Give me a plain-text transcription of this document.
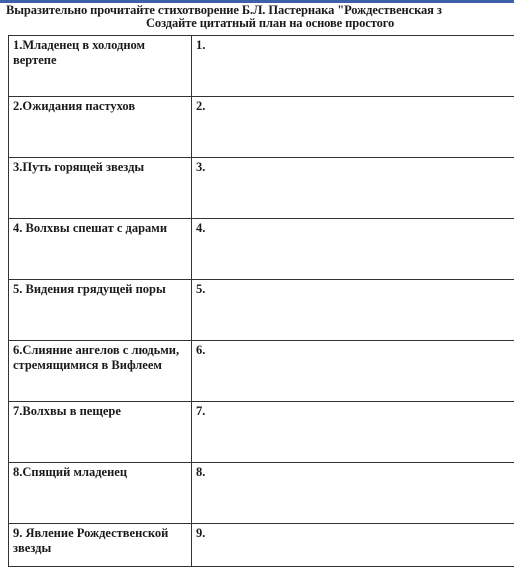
Выразительно прочитайте стихотворение Б.Л. Пастернака "Рождественская з
Создайте цитатный план на основе простого
1.Младенец в холодном вертепе	1.
2.Ожидания пастухов	2.
3.Путь горящей звезды	3.
4. Волхвы спешат с дарами	4.
5. Видения грядущей поры	5.
6.Слияние ангелов с людьми, стремящимися в Вифлеем	6.
7.Волхвы в пещере	7.
8.Спящий младенец	8.
9. Явление Рождественской звезды	9.
